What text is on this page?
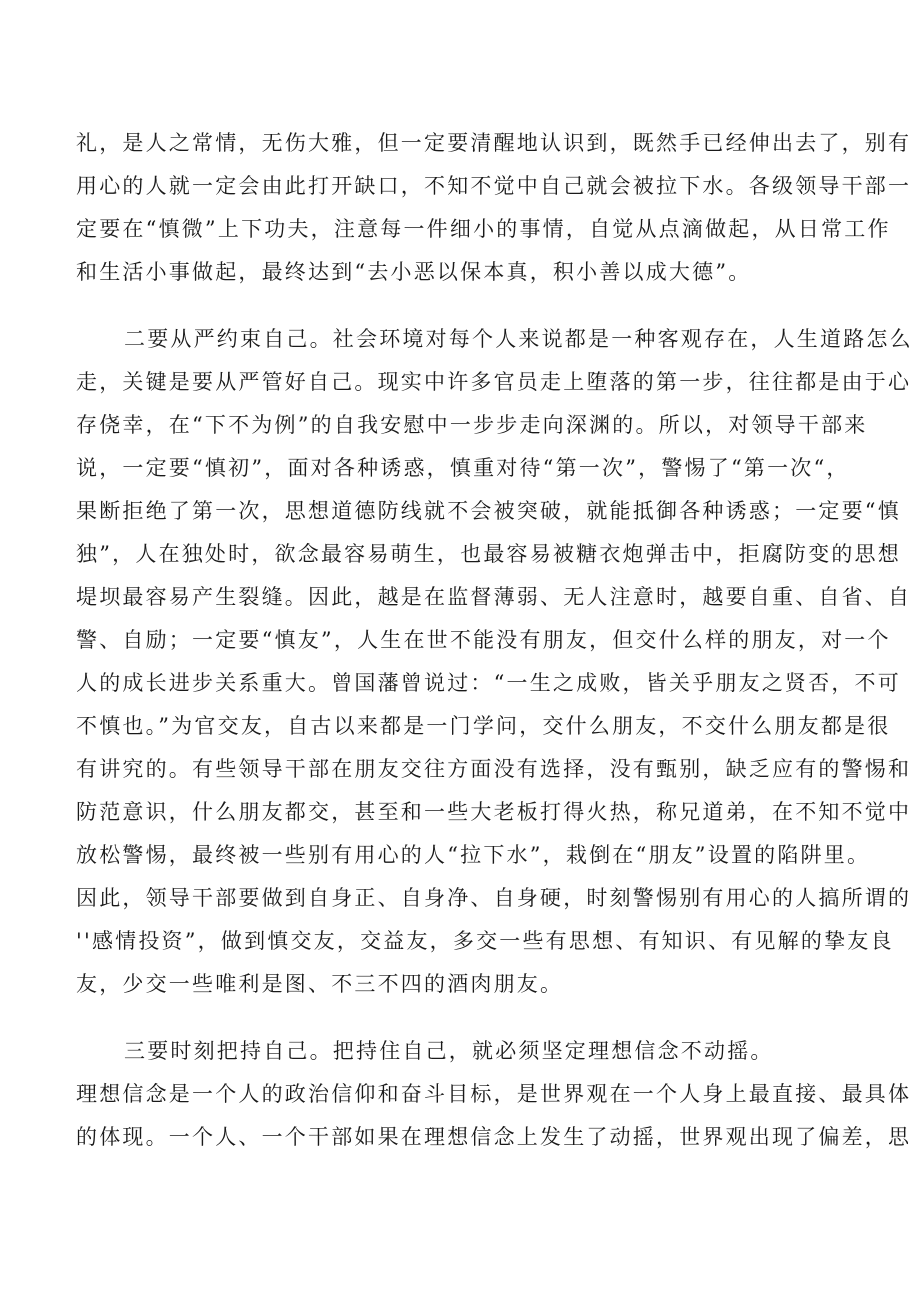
礼，是人之常情，无伤大雅，但一定要清醒地认识到，既然手已经伸出去了，别有
用心的人就一定会由此打开缺口，不知不觉中自己就会被拉下水。各级领导干部一
定要在“慎微”上下功夫，注意每一件细小的事情，自觉从点滴做起，从日常工作
和生活小事做起，最终达到“去小恶以保本真，积小善以成大德”。
二要从严约束自己。社会环境对每个人来说都是一种客观存在，人生道路怎么
走，关键是要从严管好自己。现实中许多官员走上堕落的第一步，往往都是由于心
存侥幸，在“下不为例”的自我安慰中一步步走向深渊的。所以，对领导干部来
说，一定要“慎初”，面对各种诱惑，慎重对待“第一次”，警惕了“第一次“，
果断拒绝了第一次，思想道德防线就不会被突破，就能抵御各种诱惑；一定要“慎
独”，人在独处时，欲念最容易萌生，也最容易被糖衣炮弹击中，拒腐防变的思想
堤坝最容易产生裂缝。因此，越是在监督薄弱、无人注意时，越要自重、自省、自
警、自励；一定要“慎友”，人生在世不能没有朋友，但交什么样的朋友，对一个
人的成长进步关系重大。曾国藩曾说过：“一生之成败，皆关乎朋友之贤否，不可
不慎也。”为官交友，自古以来都是一门学问，交什么朋友，不交什么朋友都是很
有讲究的。有些领导干部在朋友交往方面没有选择，没有甄别，缺乏应有的警惕和
防范意识，什么朋友都交，甚至和一些大老板打得火热，称兄道弟，在不知不觉中
放松警惕，最终被一些别有用心的人“拉下水”，栽倒在“朋友”设置的陷阱里。
因此，领导干部要做到自身正、自身净、自身硬，时刻警惕别有用心的人搞所谓的
''感情投资”，做到慎交友，交益友，多交一些有思想、有知识、有见解的挚友良
友，少交一些唯利是图、不三不四的酒肉朋友。
三要时刻把持自己。把持住自己，就必须坚定理想信念不动摇。
理想信念是一个人的政治信仰和奋斗目标，是世界观在一个人身上最直接、最具体
的体现。一个人、一个干部如果在理想信念上发生了动摇，世界观出现了偏差，思
